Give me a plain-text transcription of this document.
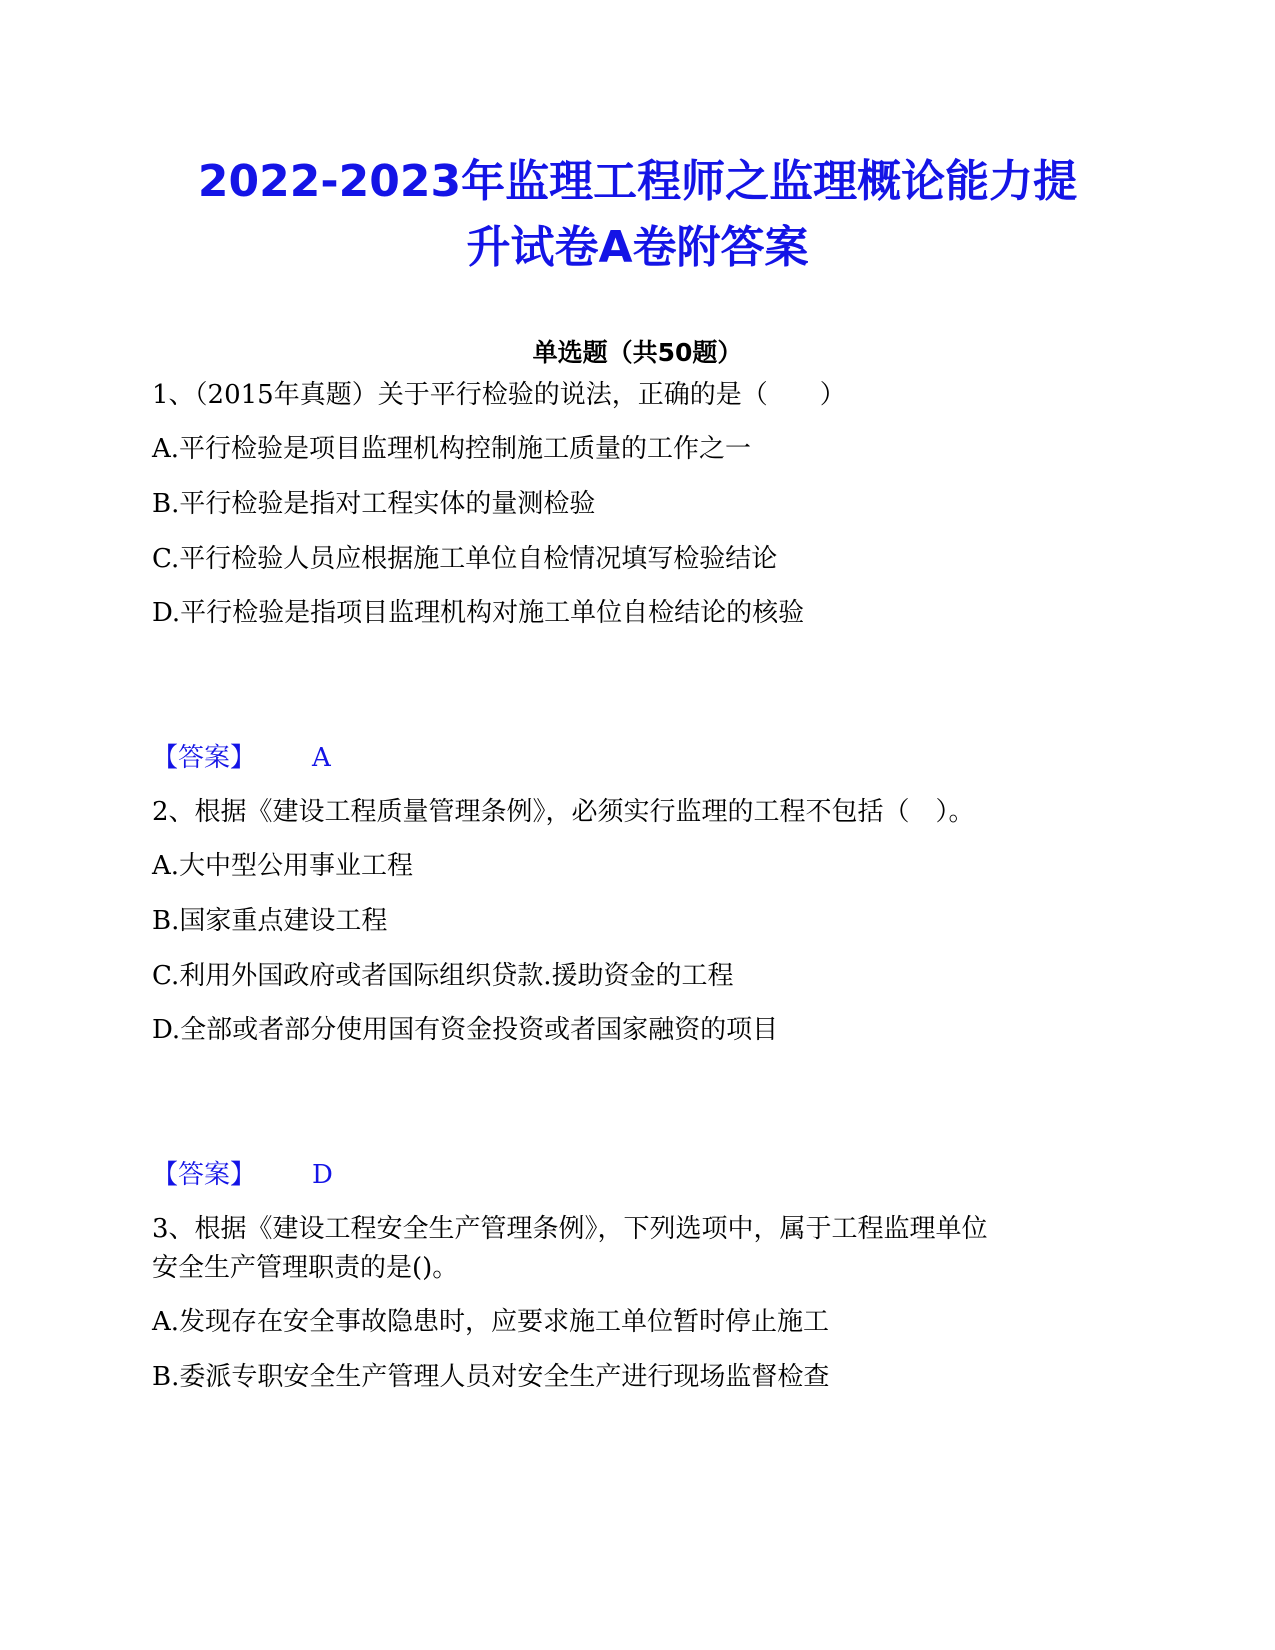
2022-2023年监理工程师之监理概论能力提
升试卷A卷附答案
单选题（共50题）

1、（2015年真题）关于平行检验的说法，正确的是（　　）

A.平行检验是项目监理机构控制施工质量的工作之一

B.平行检验是指对工程实体的量测检验

C.平行检验人员应根据施工单位自检情况填写检验结论

D.平行检验是指项目监理机构对施工单位自检结论的核验

【答案】 A

2、根据《建设工程质量管理条例》，必须实行监理的工程不包括（　）。

A.大中型公用事业工程

B.国家重点建设工程

C.利用外国政府或者国际组织贷款.援助资金的工程

D.全部或者部分使用国有资金投资或者国家融资的项目

【答案】 D

3、根据《建设工程安全生产管理条例》，下列选项中，属于工程监理单位

安全生产管理职责的是()。

A.发现存在安全事故隐患时，应要求施工单位暂时停止施工

B.委派专职安全生产管理人员对安全生产进行现场监督检查
